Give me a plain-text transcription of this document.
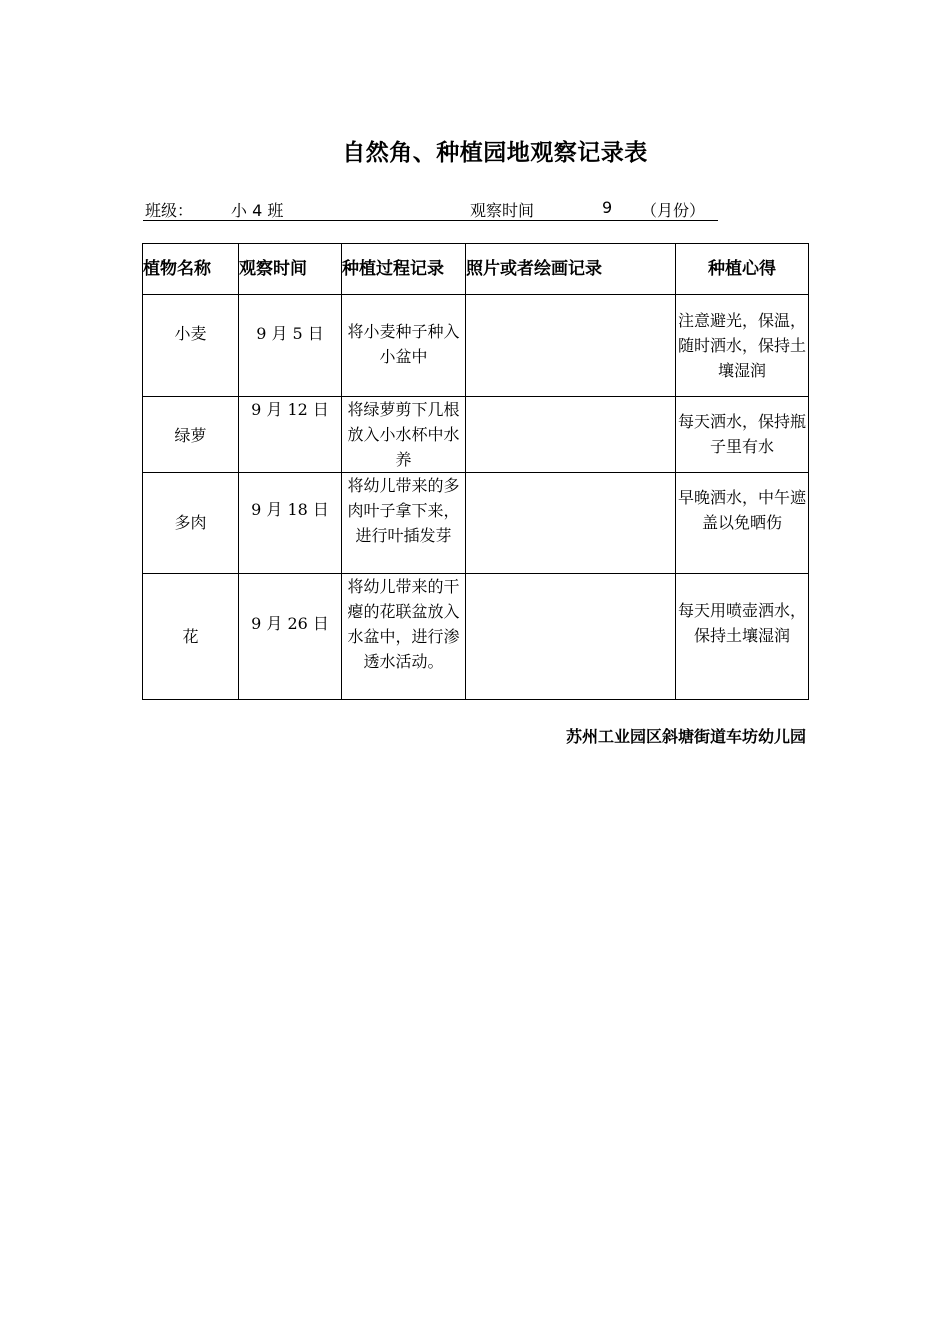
自然角、种植园地观察记录表
班级： 小 4 班	观察时间	9 （月份）
植物名称	观察时间	种植过程记录	照片或者绘画记录	种植心得
小麦	9 月 5 日	将小麦种子种入小盆中		注意避光，保温，随时洒水，保持土壤湿润
绿萝	9 月 12 日	将绿萝剪下几根放入小水杯中水养		每天洒水，保持瓶子里有水
多肉	9 月 18 日	将幼儿带来的多肉叶子拿下来，进行叶插发芽		早晚洒水，中午遮盖以免晒伤
花	9 月 26 日	将幼儿带来的干瘪的花联盆放入水盆中，进行渗透水活动。		每天用喷壶洒水，保持土壤湿润
苏州工业园区斜塘街道车坊幼儿园
